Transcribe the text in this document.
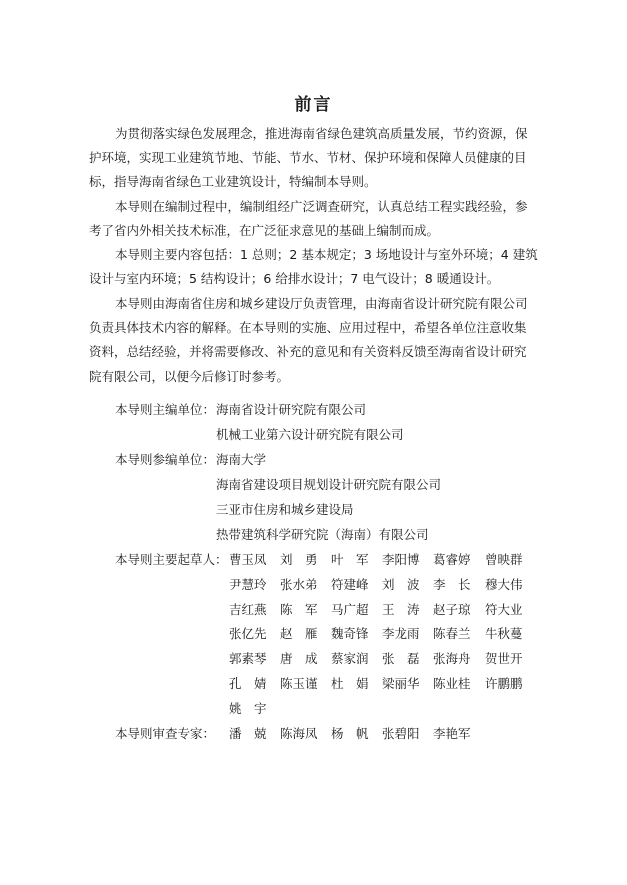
前言
为贯彻落实绿色发展理念，推进海南省绿色建筑高质量发展，节约资源，保
护环境，实现工业建筑节地、节能、节水、节材、保护环境和保障人员健康的目
标，指导海南省绿色工业建筑设计，特编制本导则。
本导则在编制过程中，编制组经广泛调查研究，认真总结工程实践经验，参
考了省内外相关技术标准，在广泛征求意见的基础上编制而成。
本导则主要内容包括：1 总则；2 基本规定；3 场地设计与室外环境；4 建筑
设计与室内环境；5 结构设计；6 给排水设计；7 电气设计；8 暖通设计。
本导则由海南省住房和城乡建设厅负责管理，由海南省设计研究院有限公司
负责具体技术内容的解释。在本导则的实施、应用过程中，希望各单位注意收集
资料，总结经验，并将需要修改、补充的意见和有关资料反馈至海南省设计研究
院有限公司，以便今后修订时参考。
本导则主编单位： 海南省设计研究院有限公司
机械工业第六设计研究院有限公司
本导则参编单位： 海南大学
海南省建设项目规划设计研究院有限公司
三亚市住房和城乡建设局
热带建筑科学研究院（海南）有限公司
本导则主要起草人： 曹玉凤 刘　勇 叶　军 李阳博 葛睿婷 曾映群
尹慧玲 张水弟 符建峰 刘　波 李　长 穆大伟
吉红燕 陈　军 马广超 王　涛 赵子琼 符大业
张亿先 赵　雁 魏奇锋 李龙雨 陈春兰 牛秋蔓
郭素琴 唐　成 蔡家润 张　磊 张海舟 贺世开
孔　婧 陈玉谨 杜　娟 梁丽华 陈业桂 许鹏鹏
姚　宇
本导则审查专家： 潘　兢 陈海凤 杨　帆 张碧阳 李艳军
